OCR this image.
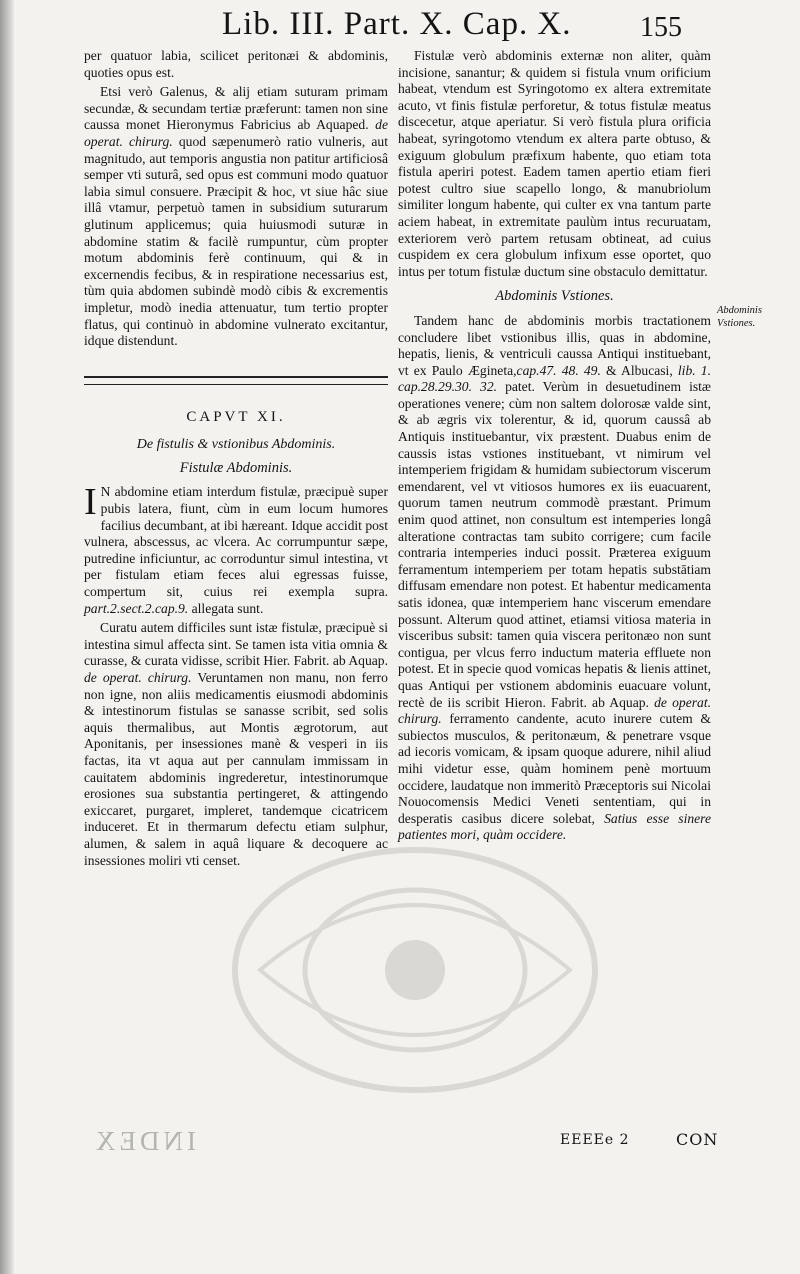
Lib. III. Part. X. Cap. X. 155

per quatuor labia, scilicet peritonæi & abdominis, quoties opus est.

Etsi verò Galenus, & alij etiam suturam primam secundæ, & secundam tertiæ præferunt: tamen non sine caussa monet Hieronymus Fabricius ab Aquaped. de operat. chirurg. quod sæpenumerò ratio vulneris, aut magnitudo, aut temporis angustia non patitur artificiosâ semper vti suturâ, sed opus est communi modo quatuor labia simul consuere. Præcipit & hoc, vt siue hâc siue illâ vtamur, perpetuò tamen in subsidium suturarum glutinum applicemus; quia huiusmodi suturæ in abdomine statim & facilè rumpuntur, cùm propter motum abdominis ferè continuum, qui & in excernendis fecibus, & in respiratione necessarius est, tùm quia abdomen subindè modò cibis & excrementis impletur, modò inedia attenuatur, tum tertio propter flatus, qui continuò in abdomine vulnerato excitantur, idque distendunt.

CAPVT XI.
De fistulis & vstionibus Abdominis.
Fistulæ Abdominis.

I N abdomine etiam interdum fistulæ, præcipuè super pubis latera, fiunt, cùm in eum locum humores facilius decumbant, at ibi hæreant. Idque accidit post vulnera, abscessus, ac vlcera. Ac corrumpuntur sæpe, putredine inficiuntur, ac corroduntur simul intestina, vt per fistulam etiam feces alui egressas fuisse, compertum sit, cuius rei exempla supra. part.2.sect.2.cap.9. allegata sunt.

Curatu autem difficiles sunt istæ fistulæ, præcipuè si intestina simul affecta sint. Se tamen ista vitia omnia & curasse, & curata vidisse, scribit Hier. Fabrit. ab Aquap. de operat. chirurg. Veruntamen non manu, non ferro non igne, non aliis medicamentis eiusmodi abdominis & intestinorum fistulas se sanasse scribit, sed solis aquis thermalibus, aut Montis ægrotorum, aut Aponitanis, per insessiones manè & vesperi in iis factas, ita vt aqua aut per cannulam immissam in cauitatem abdominis ingrederetur, intestinorumque erosiones sua substantia pertingeret, & attingendo exiccaret, purgaret, impleret, tandemque cicatricem induceret. Et in thermarum defectu etiam sulphur, alumen, & salem in aquâ liquare & decoquere ac insessiones moliri vti censet.

Fistulæ verò abdominis externæ non aliter, quàm incisione, sanantur; & quidem si fistula vnum orificium habeat, vtendum est Syringotomo ex altera extremitate acuto, vt finis fistulæ perforetur, & totus fistulæ meatus discecetur, atque aperiatur. Si verò fistula plura orificia habeat, syringotomo vtendum ex altera parte obtuso, & exiguum globulum præfixum habente, quo etiam tota fistula aperiri potest. Eadem tamen apertio etiam fieri potest cultro siue scapello longo, & manubriolum similiter longum habente, qui culter ex vna tantum parte aciem habeat, in extremitate paulùm intus recuruatam, exteriorem verò partem retusam obtineat, ad cuius cuspidem ex cera globulum infixum esse oportet, quo intus per totum fistulæ ductum sine obstaculo demittatur.

Abdominis Vstiones.

Tandem hanc de abdominis morbis tractationem concludere libet vstionibus illis, quas in abdomine, hepatis, lienis, & ventriculi caussa Antiqui instituebant, vt ex Paulo Ægineta,cap.47. 48. 49. & Albucasi, lib. 1. cap.28.29.30. 32. patet. Verùm in desuetudinem istæ operationes venere; cùm non saltem dolorosæ valde sint, & ab ægris vix tolerentur, & id, quorum caussâ ab Antiquis instituebantur, vix præstent. Duabus enim de caussis istas vstiones instituebant, vt nimirum vel intemperiem frigidam & humidam subiectorum viscerum emendarent, vel vt vitiosos humores ex iis euacuarent, quorum tamen neutrum commodè præstant. Primum enim quod attinet, non consultum est intemperies longâ alteratione contractas tam subito corrigere; cum facile contraria intemperies induci possit. Præterea exiguum ferramentum intemperiem per totam hepatis substātiam diffusam emendare non potest. Et habentur medicamenta satis idonea, quæ intemperiem hanc viscerum emendare possunt. Alterum quod attinet, etiamsi vitiosa materia in visceribus subsit: tamen quia viscera peritonæo non sunt contigua, per vlcus ferro inductum materia effluete non potest. Et in specie quod vomicas hepatis & lienis attinet, quas Antiqui per vstionem abdominis euacuare volunt, rectè de iis scribit Hieron. Fabrit. ab Aquap. de operat. chirurg. ferramento candente, acuto inurere cutem & subiectos musculos, & peritonæum, & penetrare vsque ad iecoris vomicam, & ipsam quoque adurere, nihil aliud mihi videtur esse, quàm hominem penè mortuum occidere, laudatque non immeritò Præceptoris sui Nicolai Nouocomensis Medici Veneti sententiam, qui in desperatis casibus dicere solebat, Satius esse sinere patientes mori, quàm occidere.

Abdominis Vstiones.
INDEX	EEEEe 2	CON
